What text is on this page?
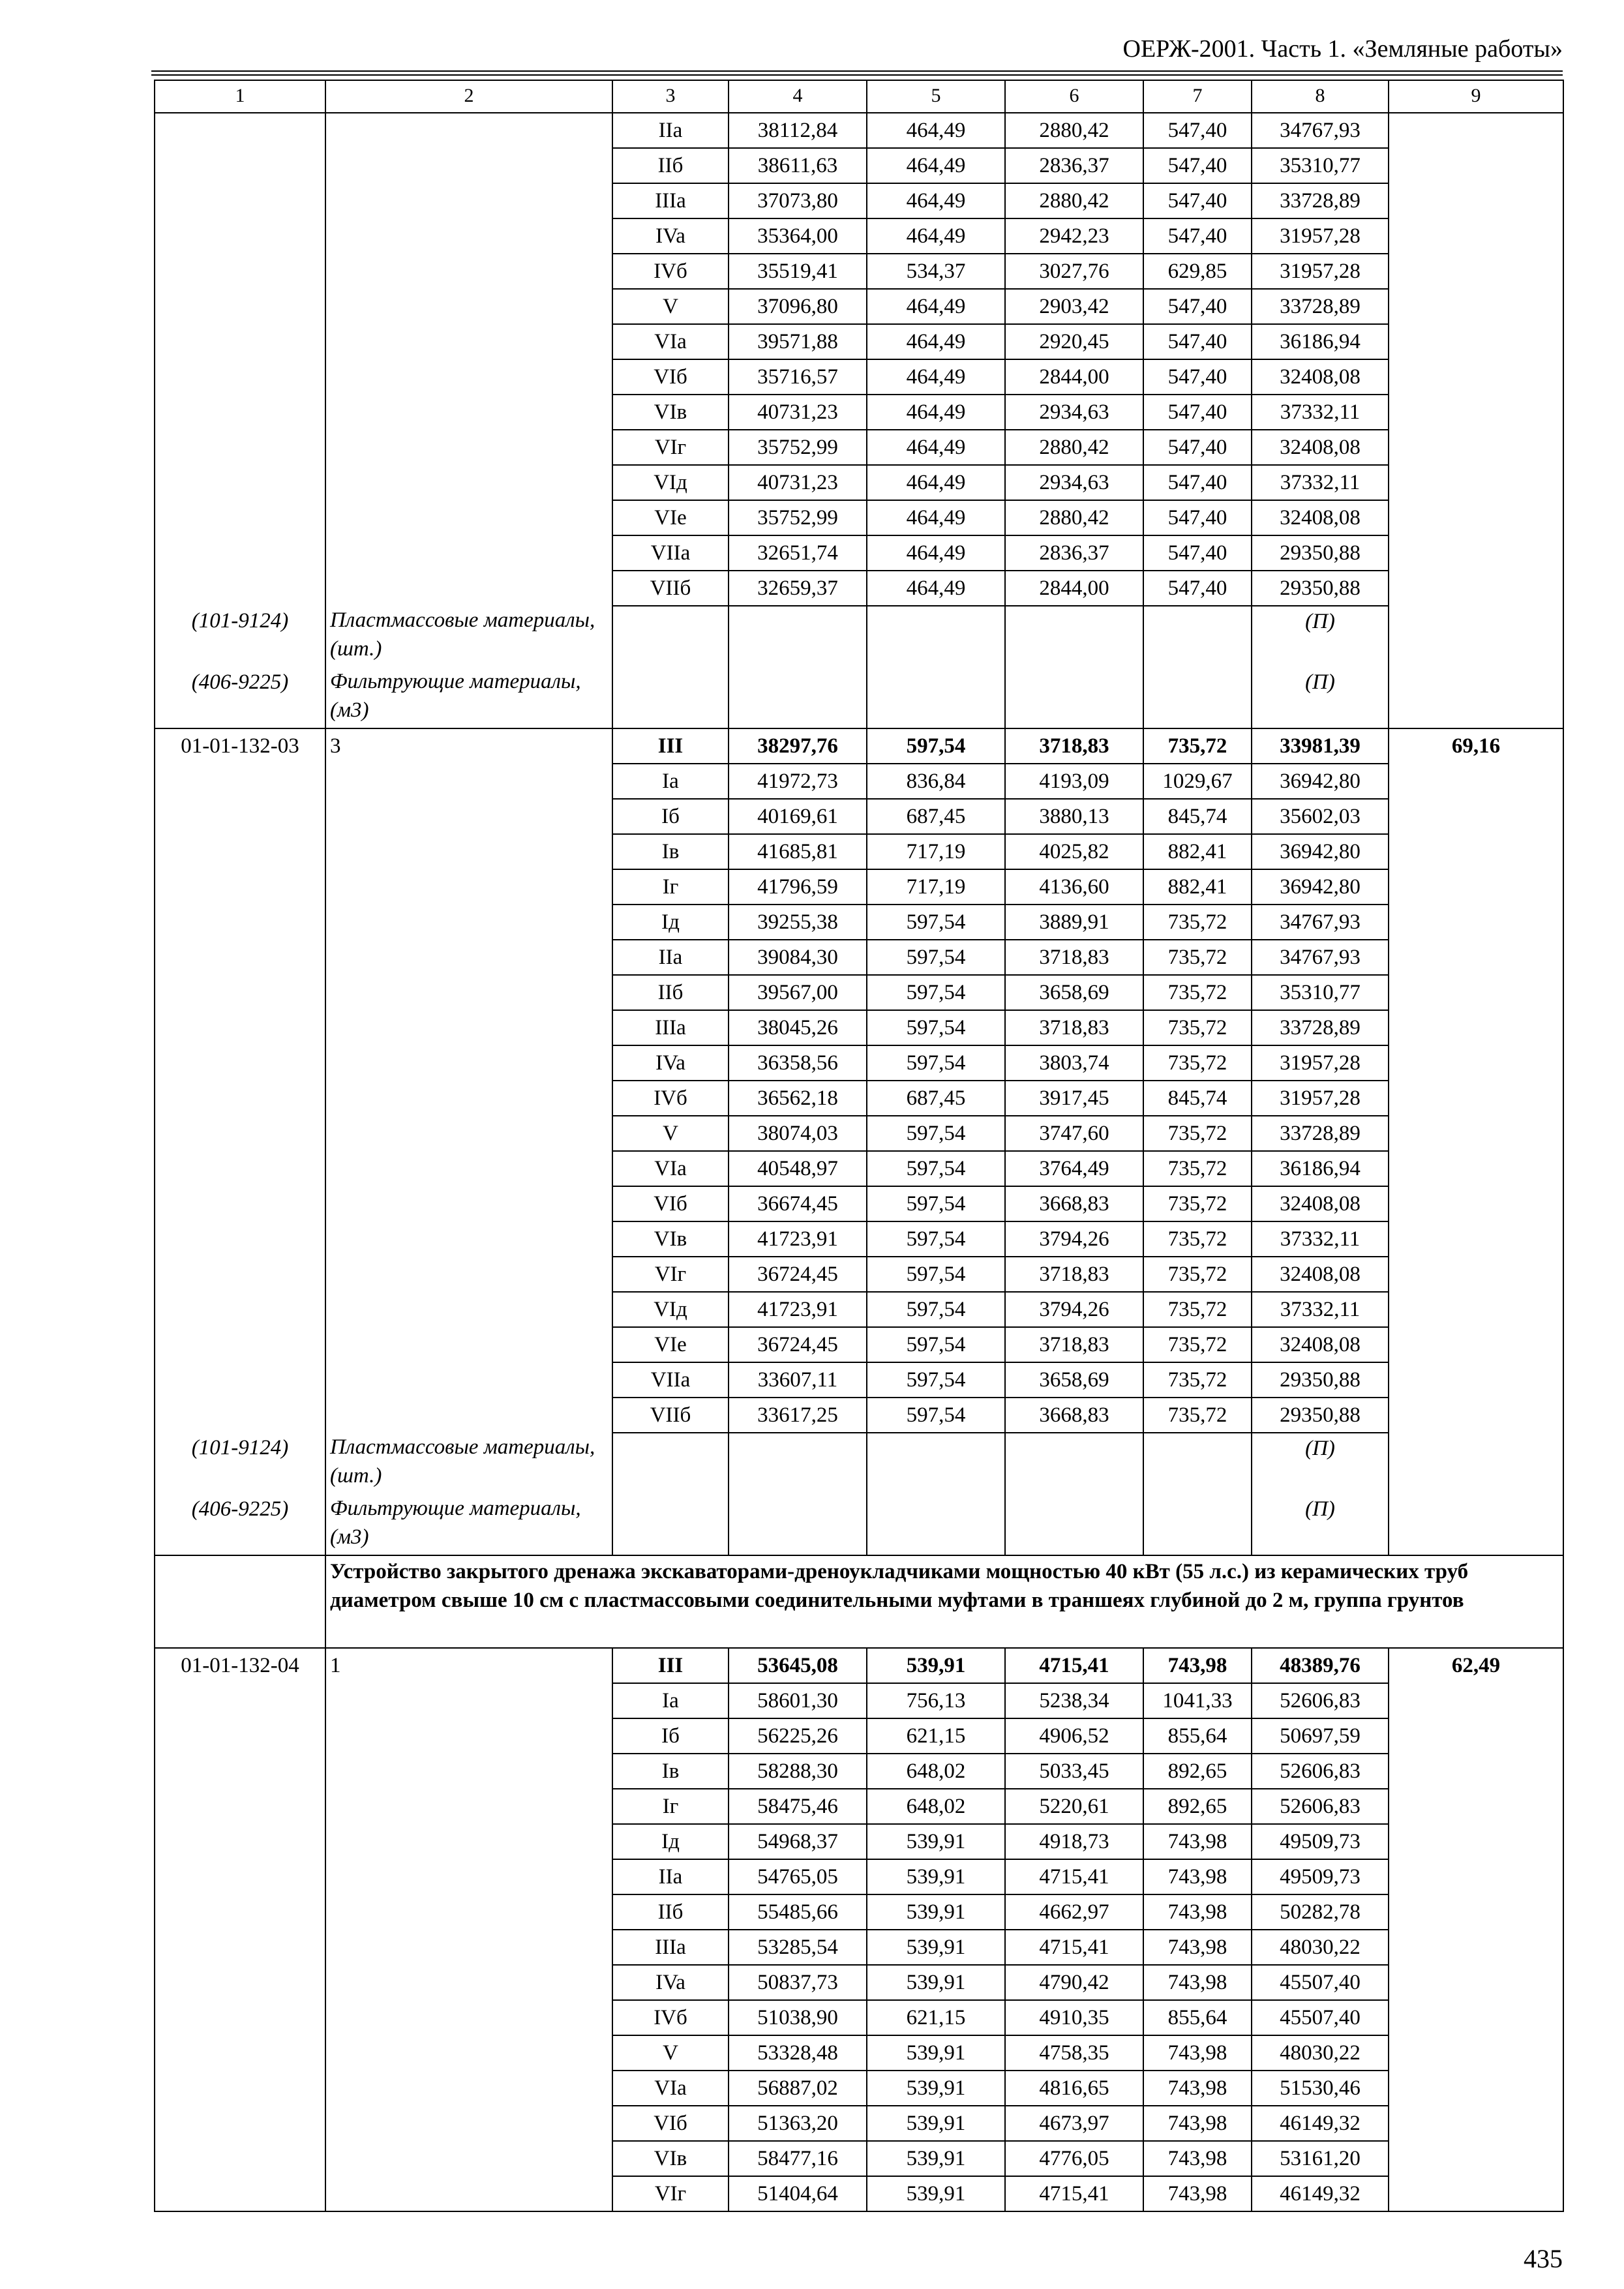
ОЕРЖ-2001. Часть 1. «Земляные работы»
1	2	3	4	5	6	7	8	9
		IIa	38112,84	464,49	2880,42	547,40	34767,93	
		IIб	38611,63	464,49	2836,37	547,40	35310,77	
		IIIa	37073,80	464,49	2880,42	547,40	33728,89	
		IVa	35364,00	464,49	2942,23	547,40	31957,28	
		IVб	35519,41	534,37	3027,76	629,85	31957,28	
		V	37096,80	464,49	2903,42	547,40	33728,89	
		VIa	39571,88	464,49	2920,45	547,40	36186,94	
		VIб	35716,57	464,49	2844,00	547,40	32408,08	
		VIв	40731,23	464,49	2934,63	547,40	37332,11	
		VIг	35752,99	464,49	2880,42	547,40	32408,08	
		VIд	40731,23	464,49	2934,63	547,40	37332,11	
		VIе	35752,99	464,49	2880,42	547,40	32408,08	
		VIIa	32651,74	464,49	2836,37	547,40	29350,88	
		VIIб	32659,37	464,49	2844,00	547,40	29350,88	
(101-9124)	Пластмассовые материалы, (шт.)						(П)	
(406-9225)	Фильтрующие материалы, (м3)						(П)	
01-01-132-03	3	III	38297,76	597,54	3718,83	735,72	33981,39	69,16
		Ia	41972,73	836,84	4193,09	1029,67	36942,80	
		Iб	40169,61	687,45	3880,13	845,74	35602,03	
		Iв	41685,81	717,19	4025,82	882,41	36942,80	
		Iг	41796,59	717,19	4136,60	882,41	36942,80	
		Iд	39255,38	597,54	3889,91	735,72	34767,93	
		IIa	39084,30	597,54	3718,83	735,72	34767,93	
		IIб	39567,00	597,54	3658,69	735,72	35310,77	
		IIIa	38045,26	597,54	3718,83	735,72	33728,89	
		IVa	36358,56	597,54	3803,74	735,72	31957,28	
		IVб	36562,18	687,45	3917,45	845,74	31957,28	
		V	38074,03	597,54	3747,60	735,72	33728,89	
		VIa	40548,97	597,54	3764,49	735,72	36186,94	
		VIб	36674,45	597,54	3668,83	735,72	32408,08	
		VIв	41723,91	597,54	3794,26	735,72	37332,11	
		VIг	36724,45	597,54	3718,83	735,72	32408,08	
		VIд	41723,91	597,54	3794,26	735,72	37332,11	
		VIе	36724,45	597,54	3718,83	735,72	32408,08	
		VIIa	33607,11	597,54	3658,69	735,72	29350,88	
		VIIб	33617,25	597,54	3668,83	735,72	29350,88	
(101-9124)	Пластмассовые материалы, (шт.)						(П)	
(406-9225)	Фильтрующие материалы, (м3)						(П)	
	Устройство закрытого дренажа экскаваторами-дреноукладчиками мощностью 40 кВт (55 л.с.) из керамических труб диаметром свыше 10 см с пластмассовыми соединительными муфтами в траншеях глубиной до 2 м, группа грунтов							
01-01-132-04	1	III	53645,08	539,91	4715,41	743,98	48389,76	62,49
		Ia	58601,30	756,13	5238,34	1041,33	52606,83	
		Iб	56225,26	621,15	4906,52	855,64	50697,59	
		Iв	58288,30	648,02	5033,45	892,65	52606,83	
		Iг	58475,46	648,02	5220,61	892,65	52606,83	
		Iд	54968,37	539,91	4918,73	743,98	49509,73	
		IIa	54765,05	539,91	4715,41	743,98	49509,73	
		IIб	55485,66	539,91	4662,97	743,98	50282,78	
		IIIa	53285,54	539,91	4715,41	743,98	48030,22	
		IVa	50837,73	539,91	4790,42	743,98	45507,40	
		IVб	51038,90	621,15	4910,35	855,64	45507,40	
		V	53328,48	539,91	4758,35	743,98	48030,22	
		VIa	56887,02	539,91	4816,65	743,98	51530,46	
		VIб	51363,20	539,91	4673,97	743,98	46149,32	
		VIв	58477,16	539,91	4776,05	743,98	53161,20	
		VIг	51404,64	539,91	4715,41	743,98	46149,32	
435
